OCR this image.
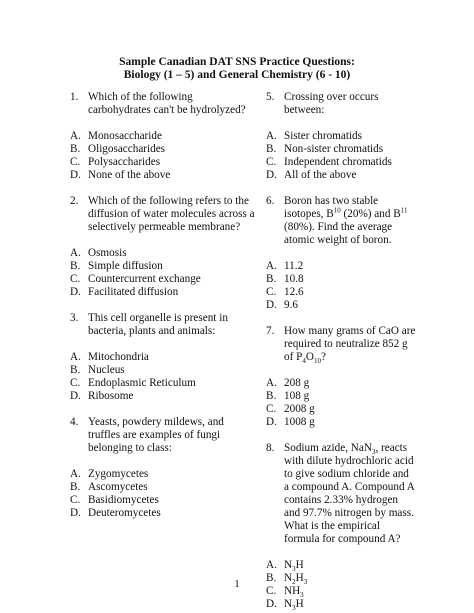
Sample Canadian DAT SNS Practice Questions:
Biology (1 – 5) and General Chemistry (6 - 10)
1. Which of the following carbohydrates can't be hydrolyzed?
A. Monosaccharide
B. Oligosaccharides
C. Polysaccharides
D. None of the above
2. Which of the following refers to the diffusion of water molecules across a selectively permeable membrane?
A. Osmosis
B. Simple diffusion
C. Countercurrent exchange
D. Facilitated diffusion
3. This cell organelle is present in bacteria, plants and animals:
A. Mitochondria
B. Nucleus
C. Endoplasmic Reticulum
D. Ribosome
4. Yeasts, powdery mildews, and truffles are examples of fungi belonging to class:
A. Zygomycetes
B. Ascomycetes
C. Basidiomycetes
D. Deuteromycetes
5. Crossing over occurs between:
A. Sister chromatids
B. Non-sister chromatids
C. Independent chromatids
D. All of the above
6. Boron has two stable isotopes, $B^{10}$ (20%) and $B^{11}$ (80%). Find the average atomic weight of boron.
A. 11.2
B. 10.8
C. 12.6
D. 9.6
7. How many grams of CaO are required to neutralize 852 g of $P_4O_{10}$?
A. 208 g
B. 108 g
C. 2008 g
D. 1008 g
8. Sodium azide, NaN$_3$, reacts with dilute hydrochloric acid to give sodium chloride and a compound A. Compound A contains 2.33% hydrogen and 97.7% nitrogen by mass. What is the empirical formula for compound A?
A. $N_3H$
B. $N_2H_3$
C. $NH_3$
D. $N_3H$
1
